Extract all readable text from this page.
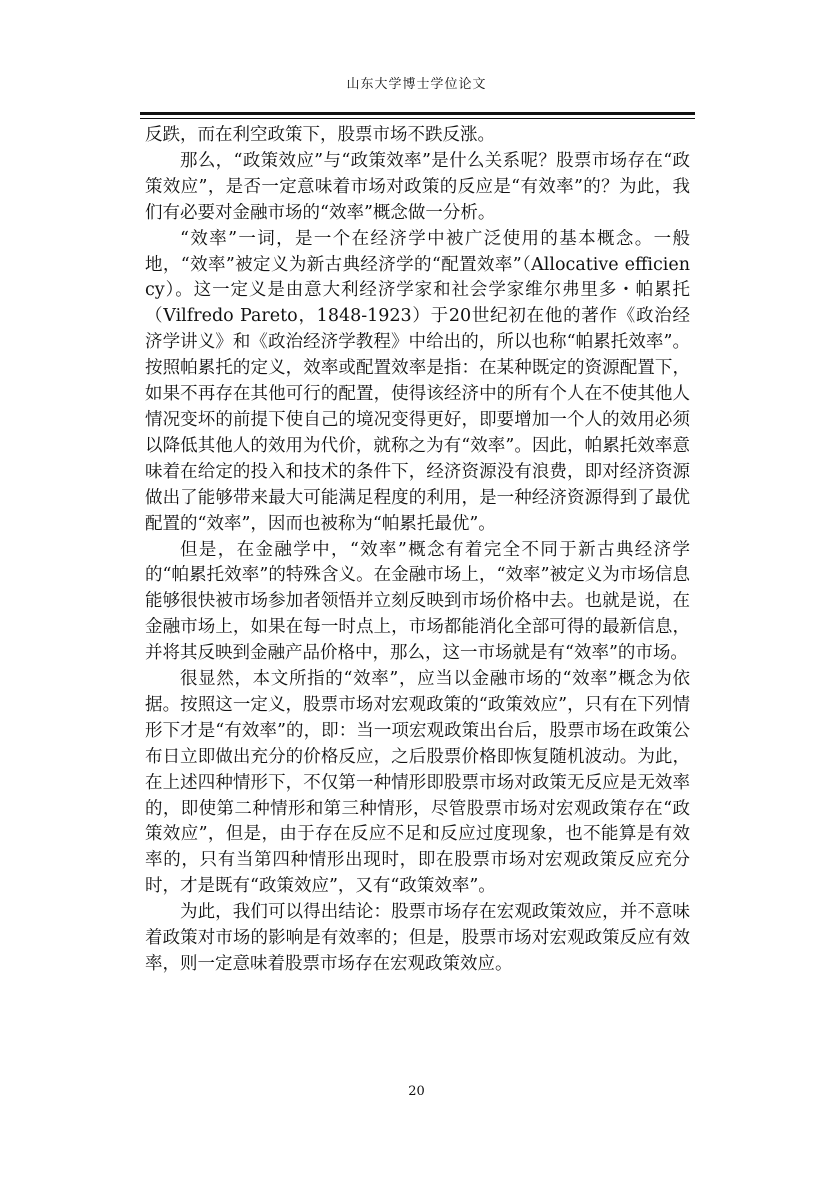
山东大学博士学位论文

反跌，而在利空政策下，股票市场不跌反涨。

那么，“政策效应”与“政策效率”是什么关系呢？股票市场存在“政策效应”，是否一定意味着市场对政策的反应是“有效率”的？为此，我们有必要对金融市场的“效率”概念做一分析。

“效率”一词，是一个在经济学中被广泛使用的基本概念。一般地，“效率”被定义为新古典经济学的“配置效率”（Allocative efficiency）。这一定义是由意大利经济学家和社会学家维尔弗里多・帕累托（Vilfredo Pareto，1848-1923）于20世纪初在他的著作《政治经济学讲义》和《政治经济学教程》中给出的，所以也称“帕累托效率”。按照帕累托的定义，效率或配置效率是指：在某种既定的资源配置下，如果不再存在其他可行的配置，使得该经济中的所有个人在不使其他人情况变坏的前提下使自己的境况变得更好，即要增加一个人的效用必须以降低其他人的效用为代价，就称之为有“效率”。因此，帕累托效率意味着在给定的投入和技术的条件下，经济资源没有浪费，即对经济资源做出了能够带来最大可能满足程度的利用，是一种经济资源得到了最优配置的“效率”，因而也被称为“帕累托最优”。

但是，在金融学中，“效率”概念有着完全不同于新古典经济学的“帕累托效率”的特殊含义。在金融市场上，“效率”被定义为市场信息能够很快被市场参加者领悟并立刻反映到市场价格中去。也就是说，在金融市场上，如果在每一时点上，市场都能消化全部可得的最新信息，并将其反映到金融产品价格中，那么，这一市场就是有“效率”的市场。

很显然，本文所指的“效率”，应当以金融市场的“效率”概念为依据。按照这一定义，股票市场对宏观政策的“政策效应”，只有在下列情形下才是“有效率”的，即：当一项宏观政策出台后，股票市场在政策公布日立即做出充分的价格反应，之后股票价格即恢复随机波动。为此，在上述四种情形下，不仅第一种情形即股票市场对政策无反应是无效率的，即使第二种情形和第三种情形，尽管股票市场对宏观政策存在“政策效应”，但是，由于存在反应不足和反应过度现象，也不能算是有效率的，只有当第四种情形出现时，即在股票市场对宏观政策反应充分时，才是既有“政策效应”，又有“政策效率”。

为此，我们可以得出结论：股票市场存在宏观政策效应，并不意味着政策对市场的影响是有效率的；但是，股票市场对宏观政策反应有效率，则一定意味着股票市场存在宏观政策效应。

20
